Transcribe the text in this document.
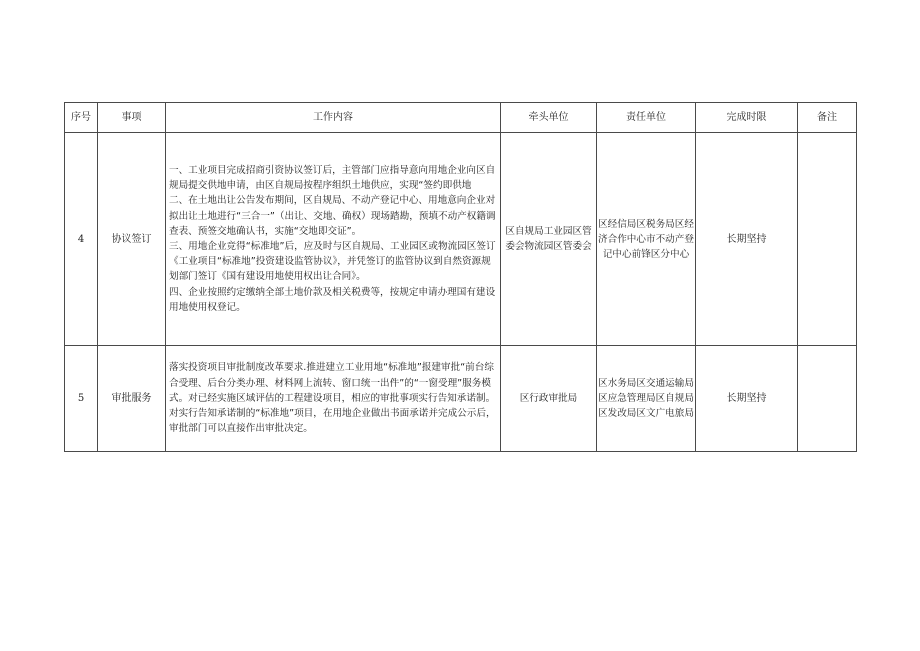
序号	事项	工作内容	牵头单位	责任单位	完成时限	备注
4	协议签订	一、工业项目完成招商引资协议签订后，主管部门应指导意向用地企业向区自规局提交供地申请，由区自规局按程序组织土地供应，实现“签约即供地
二、在土地出让公告发布期间，区自规局、不动产登记中心、用地意向企业对拟出让土地进行“三合一”（出让、交地、确权）现场踏勘，预填不动产权籍调查表、预签交地确认书，实施“交地即交证”。
三、用地企业竞得“标准地”后，应及时与区自规局、工业园区或物流园区签订《工业项目“标准地”投资建设监管协议》，并凭签订的监管协议到自然资源规划部门签订《国有建设用地使用权出让合同》。
四、企业按照约定缴纳全部土地价款及相关税费等，按规定申请办理国有建设用地使用权登记。	区自规局工业园区管委会物流园区管委会	区经信局区税务局区经济合作中心市不动产登记中心前锋区分中心	长期坚持	
5	审批服务	落实投资项目审批制度改革要求.推进建立工业用地“标准地”报建审批“前台综合受理、后台分类办理、材料网上流转、窗口统一出件”的“一窗受理”服务模式。对已经实施区域评估的工程建设项目，相应的审批事项实行告知承诺制。对实行告知承诺制的“标准地”项目，在用地企业做出书面承诺并完成公示后，审批部门可以直接作出审批决定。	区行政审批局	区水务局区交通运输局区应急管理局区自规局区发改局区文广电旅局	长期坚持	
